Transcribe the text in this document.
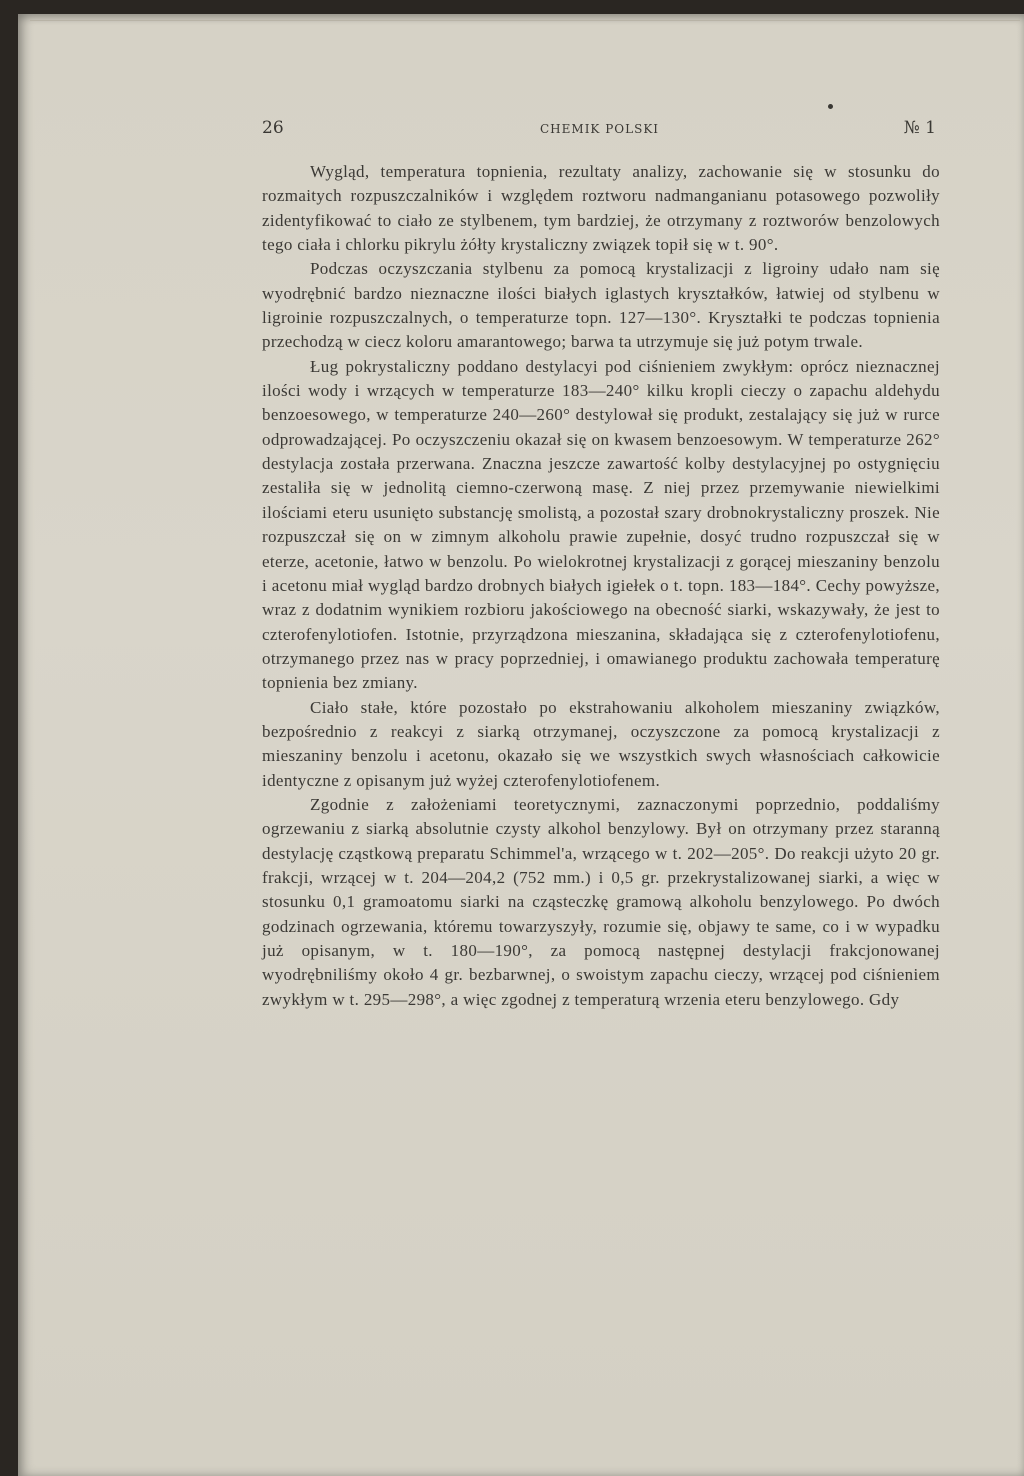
26	CHEMIK POLSKI	№ 1

Wygląd, temperatura topnienia, rezultaty analizy, zachowanie się w stosunku do rozmaitych rozpuszczalników i względem roztworu nadmanganianu potasowego pozwoliły zidentyfikować to ciało ze stylbenem, tym bardziej, że otrzymany z roztworów benzolowych tego ciała i chlorku pikrylu żółty krystaliczny związek topił się w t. 90°.

Podczas oczyszczania stylbenu za pomocą krystalizacji z ligroiny udało nam się wyodrębnić bardzo nieznaczne ilości białych iglastych kryształków, łatwiej od stylbenu w ligroinie rozpuszczalnych, o temperaturze topn. 127—130°. Kryształki te podczas topnienia przechodzą w ciecz koloru amarantowego; barwa ta utrzymuje się już potym trwale.

Ług pokrystaliczny poddano destylacyi pod ciśnieniem zwykłym: oprócz nieznacznej ilości wody i wrzących w temperaturze 183—240° kilku kropli cieczy o zapachu aldehydu benzoesowego, w temperaturze 240—260° destylował się produkt, zestalający się już w rurce odprowadzającej. Po oczyszczeniu okazał się on kwasem benzoesowym. W temperaturze 262° destylacja została przerwana. Znaczna jeszcze zawartość kolby destylacyjnej po ostygnięciu zestaliła się w jednolitą ciemno-czerwoną masę. Z niej przez przemywanie niewielkimi ilościami eteru usunięto substancję smolistą, a pozostał szary drobnokrystaliczny proszek. Nie rozpuszczał się on w zimnym alkoholu prawie zupełnie, dosyć trudno rozpuszczał się w eterze, acetonie, łatwo w benzolu. Po wielokrotnej krystalizacji z gorącej mieszaniny benzolu i acetonu miał wygląd bardzo drobnych białych igiełek o t. topn. 183—184°. Cechy powyższe, wraz z dodatnim wynikiem rozbioru jakościowego na obecność siarki, wskazywały, że jest to czterofenylotiofen. Istotnie, przyrządzona mieszanina, składająca się z czterofenylotiofenu, otrzymanego przez nas w pracy poprzedniej, i omawianego produktu zachowała temperaturę topnienia bez zmiany.

Ciało stałe, które pozostało po ekstrahowaniu alkoholem mieszaniny związków, bezpośrednio z reakcyi z siarką otrzymanej, oczyszczone za pomocą krystalizacji z mieszaniny benzolu i acetonu, okazało się we wszystkich swych własnościach całkowicie identyczne z opisanym już wyżej czterofenylotiofenem.

Zgodnie z założeniami teoretycznymi, zaznaczonymi poprzednio, poddaliśmy ogrzewaniu z siarką absolutnie czysty alkohol benzylowy. Był on otrzymany przez staranną destylację cząstkową preparatu Schimmel'a, wrzącego w t. 202—205°. Do reakcji użyto 20 gr. frakcji, wrzącej w t. 204—204,2 (752 mm.) i 0,5 gr. przekrystalizowanej siarki, a więc w stosunku 0,1 gramoatomu siarki na cząsteczkę gramową alkoholu benzylowego. Po dwóch godzinach ogrzewania, któremu towarzyszyły, rozumie się, objawy te same, co i w wypadku już opisanym, w t. 180—190°, za pomocą następnej destylacji frakcjonowanej wyodrębniliśmy około 4 gr. bezbarwnej, o swoistym zapachu cieczy, wrzącej pod ciśnieniem zwykłym w t. 295—298°, a więc zgodnej z temperaturą wrzenia eteru benzylowego. Gdy
